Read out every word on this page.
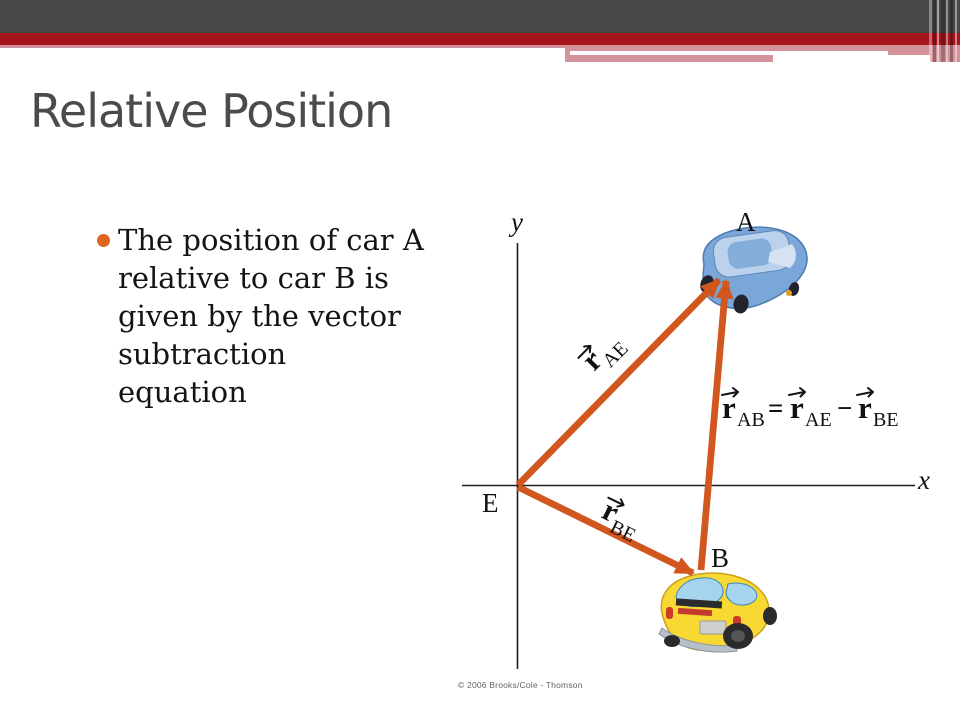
Relative Position
The position of car A
relative to car B is
given by the vector
subtraction
equation
y
x
E
A
B
r
AE
r
BE
r AB = r AE − r BE
© 2006 Brooks/Cole - Thomson
